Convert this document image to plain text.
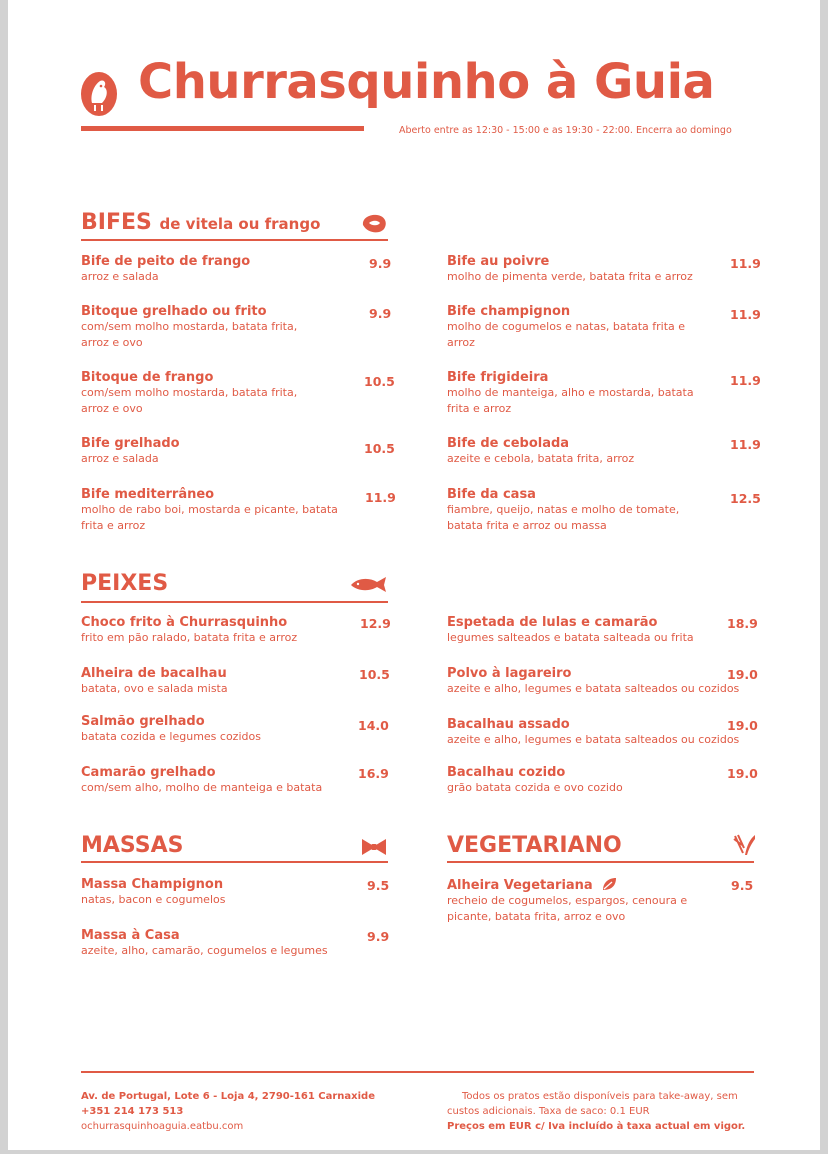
Churrasquinho à Guia
Aberto entre as 12:30 - 15:00 e as 19:30 - 22:00. Encerra ao domingo
BIFES de vitela ou frango
Bife de peito de frango
arroz e salada
9.9
Bitoque grelhado ou frito
com/sem molho mostarda, batata frita, arroz e ovo
9.9
Bitoque de frango
com/sem molho mostarda, batata frita, arroz e ovo
10.5
Bife grelhado
arroz e salada
10.5
Bife mediterrâneo
molho de rabo boi, mostarda e picante, batata frita e arroz
11.9
Bife au poivre
molho de pimenta verde, batata frita e arroz
11.9
Bife champignon
molho de cogumelos e natas, batata frita e arroz
11.9
Bife frigideira
molho de manteiga, alho e mostarda, batata frita e arroz
11.9
Bife de cebolada
azeite e cebola, batata frita, arroz
11.9
Bife da casa
fiambre, queijo, natas e molho de tomate, batata frita e arroz ou massa
12.5
PEIXES
Choco frito à Churrasquinho
frito em pão ralado, batata frita e arroz
12.9
Alheira de bacalhau
batata, ovo e salada mista
10.5
Salmão grelhado
batata cozida e legumes cozidos
14.0
Camarão grelhado
com/sem alho, molho de manteiga e batata
16.9
Espetada de lulas e camarão
legumes salteados e batata salteada ou frita
18.9
Polvo à lagareiro
azeite e alho, legumes e batata salteados ou cozidos
19.0
Bacalhau assado
azeite e alho, legumes e batata salteados ou cozidos
19.0
Bacalhau cozido
grão batata cozida e ovo cozido
19.0
MASSAS
Massa Champignon
natas, bacon e cogumelos
9.5
Massa à Casa
azeite, alho, camarão, cogumelos e legumes
9.9
VEGETARIANO
Alheira Vegetariana
recheio de cogumelos, espargos, cenoura e picante, batata frita, arroz e ovo
9.5
Av. de Portugal, Lote 6 - Loja 4, 2790-161 Carnaxide
+351 214 173 513
ochurrasquinhoaguia.eatbu.com
Todos os pratos estão disponíveis para take-away, sem custos adicionais. Taxa de saco: 0.1 EUR
Preços em EUR c/ Iva incluído à taxa actual em vigor.
